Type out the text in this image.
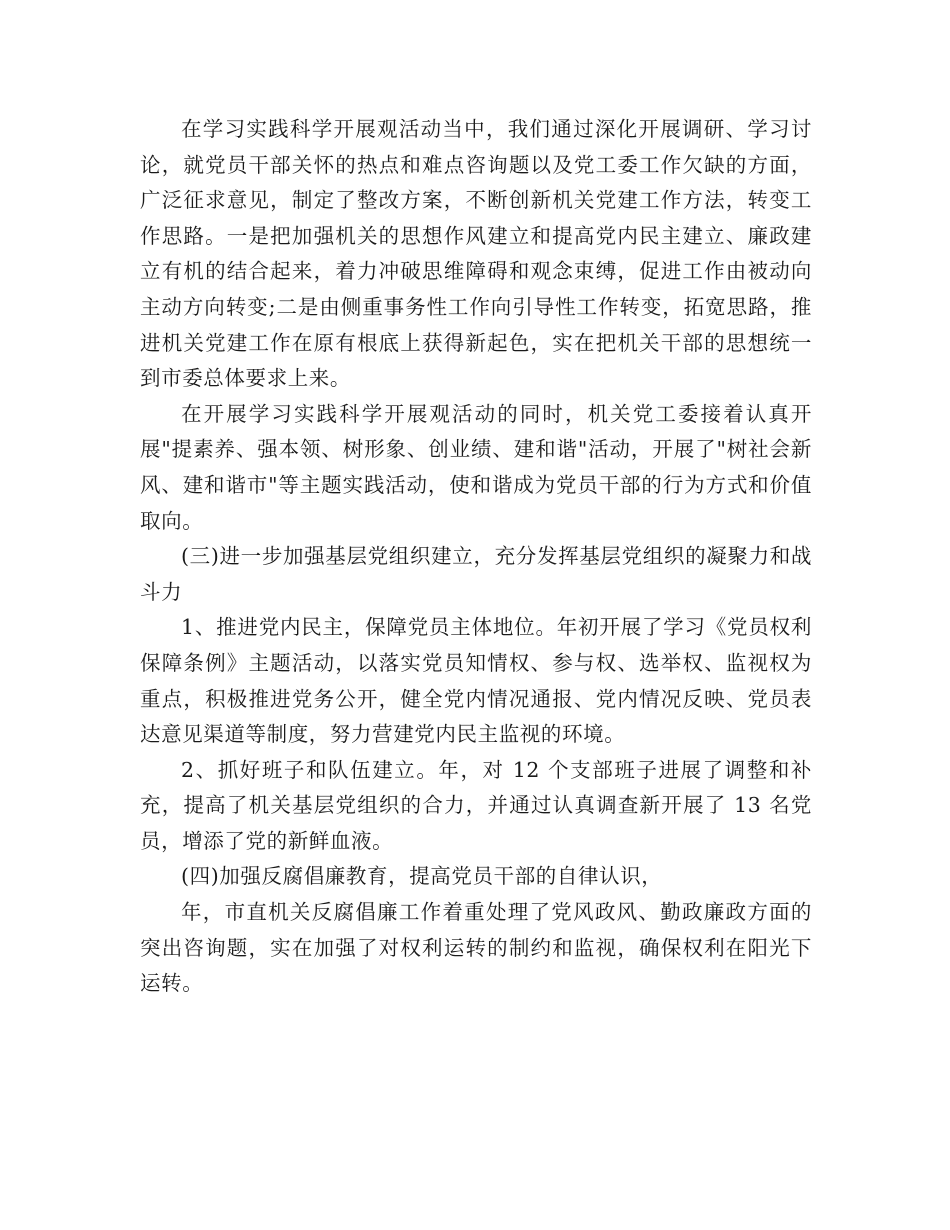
在学习实践科学开展观活动当中，我们通过深化开展调研、学习讨论，就党员干部关怀的热点和难点咨询题以及党工委工作欠缺的方面，广泛征求意见，制定了整改方案，不断创新机关党建工作方法，转变工作思路。一是把加强机关的思想作风建立和提高党内民主建立、廉政建立有机的结合起来，着力冲破思维障碍和观念束缚，促进工作由被动向主动方向转变;二是由侧重事务性工作向引导性工作转变，拓宽思路，推进机关党建工作在原有根底上获得新起色，实在把机关干部的思想统一到市委总体要求上来。

在开展学习实践科学开展观活动的同时，机关党工委接着认真开展"提素养、强本领、树形象、创业绩、建和谐"活动，开展了"树社会新风、建和谐市"等主题实践活动，使和谐成为党员干部的行为方式和价值取向。

(三)进一步加强基层党组织建立，充分发挥基层党组织的凝聚力和战斗力

1、推进党内民主，保障党员主体地位。年初开展了学习《党员权利保障条例》主题活动，以落实党员知情权、参与权、选举权、监视权为重点，积极推进党务公开，健全党内情况通报、党内情况反映、党员表达意见渠道等制度，努力营建党内民主监视的环境。

2、抓好班子和队伍建立。年，对 12 个支部班子进展了调整和补充，提高了机关基层党组织的合力，并通过认真调查新开展了 13 名党员，增添了党的新鲜血液。

(四)加强反腐倡廉教育，提高党员干部的自律认识，

年，市直机关反腐倡廉工作着重处理了党风政风、勤政廉政方面的突出咨询题，实在加强了对权利运转的制约和监视，确保权利在阳光下运转。
